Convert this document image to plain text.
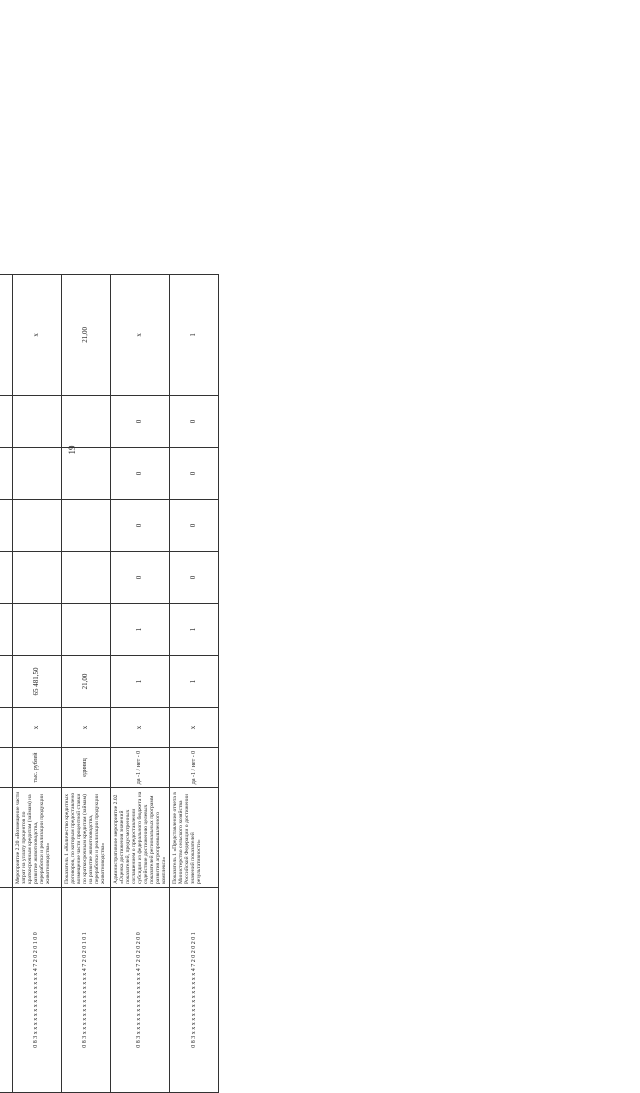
19

0 8 3 x x x x x x x x x x x x x x 4 7 2 0 2 0 1 0 0	Мероприятие 2.20 «Возмещение части затрат на уплату процентов по краткосрочным кредитам (займам) на развитие животноводства, переработки и реализации продукции животноводства»	тыс. рублей	x	65 481,50						x
0 8 3 x x x x x x x x x x x x x x 4 7 2 0 2 0 1 0 1	Показатель 1 «Количество кредитных договоров, по которым предоставлено возмещение части процентной ставки по краткосрочным кредитам (займам) на развитие животноводства, переработки и реализации продукции животноводства»	единиц	x	21,00						21,00
0 8 3 x x x x x x x x x x x x x x 4 7 2 0 2 0 2 0 0	Административное мероприятие 2.02 «Оценка достижения значений показателей, предусмотренных соглашением о предоставлении субсидии из федерального бюджета на содействие достижению целевых показателей региональных программ развития агропромышленного комплекса»	да -1 / нет - 0	x	1	1	0	0	0	0	x
0 8 3 x x x x x x x x x x x x x x 4 7 2 0 2 0 2 0 1	Показатель 1 «Представление отчета в Министерство сельского хозяйства Российской Федерации о достижении значений показателей результативности»	да -1 / нет - 0	x	1	1	0	0	0	0	1
